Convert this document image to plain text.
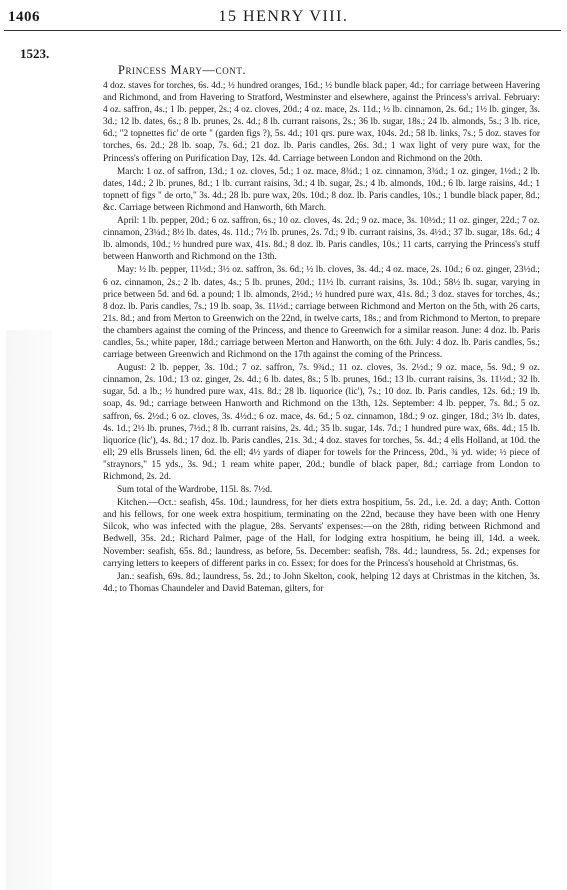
1406	15 HENRY VIII.
1523.
Princess Mary—cont.

4 doz. staves for torches, 6s. 4d.; ½ hundred oranges, 16d.; ½ bundle black paper, 4d.; for carriage between Havering and Richmond, and from Havering to Stratford, Westminster and elsewhere, against the Princess's arrival. February: 4 oz. saffron, 4s.; 1 lb. pepper, 2s.; 4 oz. cloves, 20d.; 4 oz. mace, 2s. 11d.; ½ lb. cinnamon, 2s. 6d.; 1½ lb. ginger, 3s. 3d.; 12 lb. dates, 6s.; 8 lb. prunes, 2s. 4d.; 8 lb. currant raisons, 2s.; 36 lb. sugar, 18s.; 24 lb. almonds, 5s.; 3 lb. rice, 6d.; "2 topnettes fic' de orte " (garden figs ?), 5s. 4d.; 101 qrs. pure wax, 104s. 2d.; 58 lb. links, 7s.; 5 doz. staves for torches, 6s. 2d.; 28 lb. soap, 7s. 6d.; 21 doz. lb. Paris candles, 26s. 3d.; 1 wax light of very pure wax, for the Princess's offering on Purification Day, 12s. 4d. Carriage between London and Richmond on the 20th.

March: 1 oz. of saffron, 13d.; 1 oz. cloves, 5d.; 1 oz. mace, 8¾d.; 1 oz. cinnamon, 3¾d.; 1 oz. ginger, 1½d.; 2 lb. dates, 14d.; 2 lb. prunes, 8d.; 1 lb. currant raisins, 3d.; 4 lb. sugar, 2s.; 4 lb. almonds, 10d.; 6 lb. large raisins, 4d.; 1 topnett of figs " de orto," 3s. 4d.; 28 lb. pure wax, 20s. 10d.; 8 doz. lb. Paris candles, 10s.; 1 bundle black paper, 8d.; &c. Carriage between Richmond and Hanworth, 6th March.

April: 1 lb. pepper, 20d.; 6 oz. saffron, 6s.; 10 oz. cloves, 4s. 2d.; 9 oz. mace, 3s. 10½d.; 11 oz. ginger, 22d.; 7 oz. cinnamon, 23¼d.; 8½ lb. dates, 4s. 11d.; 7½ lb. prunes, 2s. 7d.; 9 lb. currant raisins, 3s. 4½d.; 37 lb. sugar, 18s. 6d.; 4 lb. almonds, 10d.; ½ hundred pure wax, 41s. 8d.; 8 doz. lb. Paris candles, 10s.; 11 carts, carrying the Princess's stuff between Hanworth and Richmond on the 13th.

May: ½ lb. pepper, 11½d.; 3½ oz. saffron, 3s. 6d.; ½ lb. cloves, 3s. 4d.; 4 oz. mace, 2s. 10d.; 6 oz. ginger, 23½d.; 6 oz. cinnamon, 2s.; 2 lb. dates, 4s.; 5 lb. prunes, 20d.; 11½ lb. currant raisins, 3s. 10d.; 58½ lb. sugar, varying in price between 5d. and 6d. a pound; 1 lb. almonds, 2½d.; ½ hundred pure wax, 41s. 8d.; 3 doz. staves for torches, 4s.; 8 doz. lb. Paris candles, 7s.; 19 lb. soap, 3s. 11½d.; carriage between Richmond and Merton on the 5th, with 26 carts, 21s. 8d.; and from Merton to Greenwich on the 22nd, in twelve carts, 18s.; and from Richmond to Merton, to prepare the chambers against the coming of the Princess, and thence to Greenwich for a similar reason. June: 4 doz. lb. Paris candles, 5s.; white paper, 18d.; carriage between Merton and Hanworth, on the 6th. July: 4 doz. lb. Paris candles, 5s.; carriage between Greenwich and Richmond on the 17th against the coming of the Princess.

August: 2 lb. pepper, 3s. 10d.; 7 oz. saffron, 7s. 9¾d.; 11 oz. cloves, 3s. 2½d.; 9 oz. mace, 5s. 9d.; 9 oz. cinnamon, 2s. 10d.; 13 oz. ginger, 2s. 4d.; 6 lb. dates, 8s.; 5 lb. prunes, 16d.; 13 lb. currant raisins, 3s. 11½d.; 32 lb. sugar, 5d. a lb.; ½ hundred pure wax, 41s. 8d.; 28 lb. liquorice (lic'), 7s.; 10 doz. lb. Paris candles, 12s. 6d.; 19 lb. soap, 4s. 9d.; carriage between Hanworth and Richmond on the 13th, 12s. September: 4 lb. pepper, 7s. 8d.; 5 oz. saffron, 6s. 2½d.; 6 oz. cloves, 3s. 4½d.; 6 oz. mace, 4s. 6d.; 5 oz. cinnamon, 18d.; 9 oz. ginger, 18d.; 3½ lb. dates, 4s. 1d.; 2½ lb. prunes, 7½d.; 8 lb. currant raisins, 2s. 4d.; 35 lb. sugar, 14s. 7d.; 1 hundred pure wax, 68s. 4d.; 15 lb. liquorice (lic'), 4s. 8d.; 17 doz. lb. Paris candles, 21s. 3d.; 4 doz. staves for torches, 5s. 4d.; 4 ells Holland, at 10d. the ell; 29 ells Brussels linen, 6d. the ell; 4½ yards of diaper for towels for the Princess, 20d., ¾ yd. wide; ½ piece of "straynors," 15 yds., 3s. 9d.; 1 ream white paper, 20d.; bundle of black paper, 8d.; carriage from London to Richmond, 2s. 2d.

Sum total of the Wardrobe, 115l. 8s. 7½d.

Kitchen.—Oct.: seafish, 45s. 10d.; laundress, for her diets extra hospitium, 5s. 2d., i.e. 2d. a day; Anth. Cotton and his fellows, for one week extra hospitium, terminating on the 22nd, because they have been with one Henry Silcok, who was infected with the plague, 28s. Servants' expenses:—on the 28th, riding between Richmond and Bedwell, 35s. 2d.; Richard Palmer, page of the Hall, for lodging extra hospitium, he being ill, 14d. a week. November: seafish, 65s. 8d.; laundress, as before, 5s. December: seafish, 78s. 4d.; laundress, 5s. 2d.; expenses for carrying letters to keepers of different parks in co. Essex; for does for the Princess's household at Christmas, 6s.

Jan.: seafish, 69s. 8d.; laundress, 5s. 2d.; to John Skelton, cook, helping 12 days at Christmas in the kitchen, 3s. 4d.; to Thomas Chaundeler and David Bateman, gilters, for
